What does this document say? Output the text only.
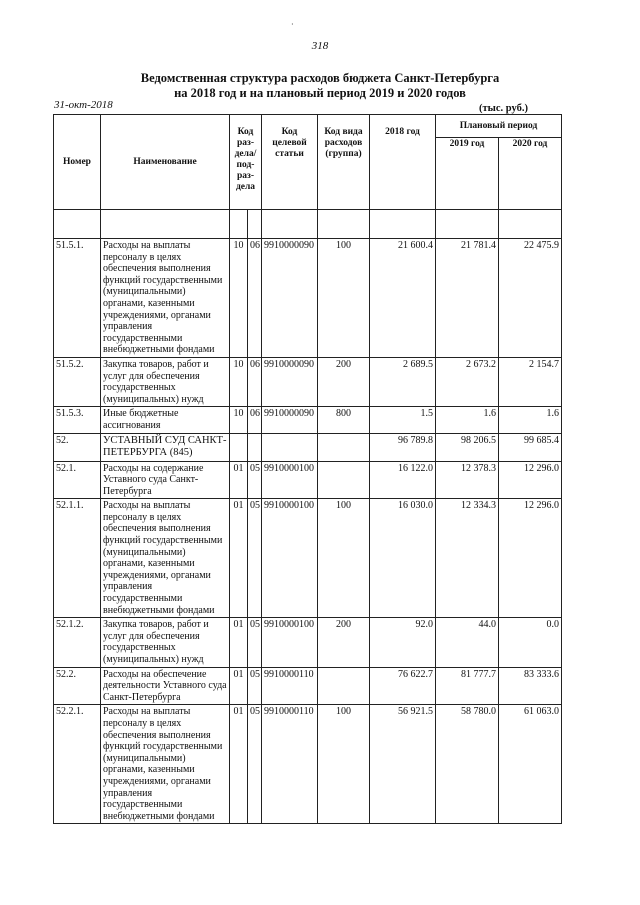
·
318
Ведомственная структура расходов бюджета Санкт-Петербурга
на 2018 год и на плановый период 2019 и 2020 годов
31-окт-2018	(тыс. руб.)
Номер	Наименование	Код раз-дела/ под-раз-дела		Код целевой статьи	Код вида расходов (группа)	2018 год	Плановый период	
							2019 год	2020 год

51.5.1.	Расходы на выплаты персоналу в целях обеспечения выполнения функций государственными (муниципальными) органами, казенными учреждениями, органами управления государственными внебюджетными фондами	10	06	9910000090	100	21 600.4	21 781.4	22 475.9
51.5.2.	Закупка товаров, работ и услуг для обеспечения государственных (муниципальных) нужд	10	06	9910000090	200	2 689.5	2 673.2	2 154.7
51.5.3.	Иные бюджетные ассигнования	10	06	9910000090	800	1.5	1.6	1.6
52.	УСТАВНЫЙ СУД САНКТ-ПЕТЕРБУРГА (845)					96 789.8	98 206.5	99 685.4
52.1.	Расходы на содержание Уставного суда Санкт-Петербурга	01	05	9910000100		16 122.0	12 378.3	12 296.0
52.1.1.	Расходы на выплаты персоналу в целях обеспечения выполнения функций государственными (муниципальными) органами, казенными учреждениями, органами управления государственными внебюджетными фондами	01	05	9910000100	100	16 030.0	12 334.3	12 296.0
52.1.2.	Закупка товаров, работ и услуг для обеспечения государственных (муниципальных) нужд	01	05	9910000100	200	92.0	44.0	0.0
52.2.	Расходы на обеспечение деятельности Уставного суда Санкт-Петербурга	01	05	9910000110		76 622.7	81 777.7	83 333.6
52.2.1.	Расходы на выплаты персоналу в целях обеспечения выполнения функций государственными (муниципальными) органами, казенными учреждениями, органами управления государственными внебюджетными фондами	01	05	9910000110	100	56 921.5	58 780.0	61 063.0
